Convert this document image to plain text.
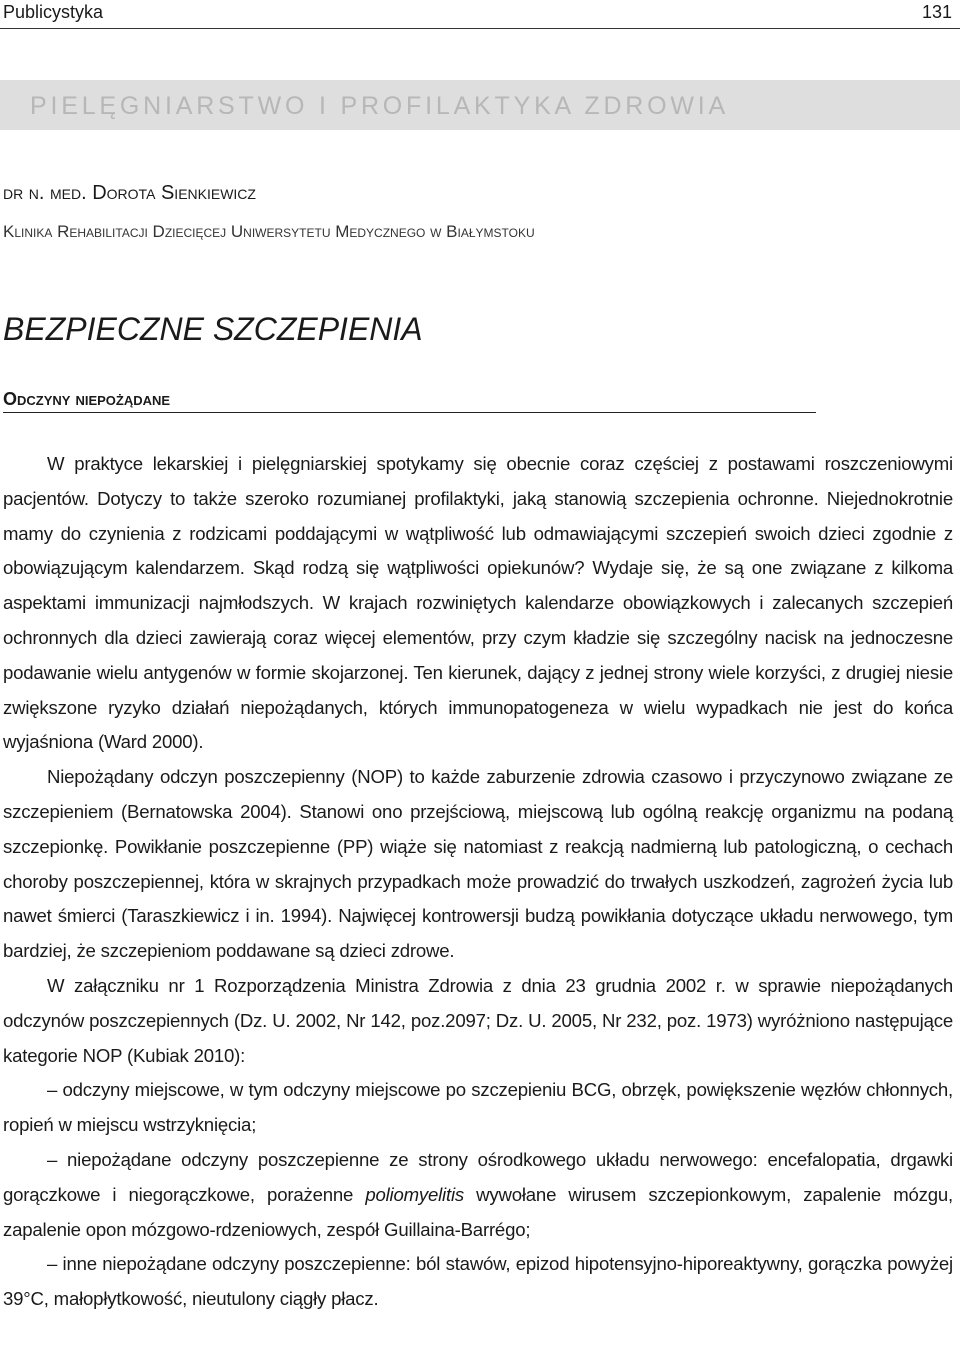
Publicystyka	131
PIELĘGNIARSTWO I PROFILAKTYKA ZDROWIA
dr n. med. Dorota Sienkiewicz
Klinika Rehabilitacji Dziecięcej Uniwersytetu Medycznego w Białymstoku
BEZPIECZNE SZCZEPIENIA
Odczyny niepożądane

W praktyce lekarskiej i pielęgniarskiej spotykamy się obecnie coraz częściej z postawami roszczeniowymi pacjentów. Dotyczy to także szeroko rozumianej profilaktyki, jaką stanowią szczepienia ochronne. Niejednokrotnie mamy do czynienia z rodzicami poddającymi w wątpliwość lub odmawiającymi szczepień swoich dzieci zgodnie z obowiązującym kalendarzem. Skąd rodzą się wątpliwości opiekunów? Wydaje się, że są one związane z kilkoma aspektami immunizacji najmłodszych. W krajach rozwiniętych kalendarze obowiązkowych i zalecanych szczepień ochronnych dla dzieci zawierają coraz więcej elementów, przy czym kładzie się szczególny nacisk na jednoczesne podawanie wielu antygenów w formie skojarzonej. Ten kierunek, dający z jednej strony wiele korzyści, z drugiej niesie zwiększone ryzyko działań niepożądanych, których immunopatogeneza w wielu wypadkach nie jest do końca wyjaśniona (Ward 2000).

Niepożądany odczyn poszczepienny (NOP) to każde zaburzenie zdrowia czasowo i przyczynowo związane ze szczepieniem (Bernatowska 2004). Stanowi ono przejściową, miejscową lub ogólną reakcję organizmu na podaną szczepionkę. Powikłanie poszczepienne (PP) wiąże się natomiast z reakcją nadmierną lub patologiczną, o cechach choroby poszczepiennej, która w skrajnych przypadkach może prowadzić do trwałych uszkodzeń, zagrożeń życia lub nawet śmierci (Taraszkiewicz i in. 1994). Najwięcej kontrowersji budzą powikłania dotyczące układu nerwowego, tym bardziej, że szczepieniom poddawane są dzieci zdrowe.

W załączniku nr 1 Rozporządzenia Ministra Zdrowia z dnia 23 grudnia 2002 r. w sprawie niepożądanych odczynów poszczepiennych (Dz. U. 2002, Nr 142, poz.2097; Dz. U. 2005, Nr 232, poz. 1973) wyróżniono następujące kategorie NOP (Kubiak 2010):

– odczyny miejscowe, w tym odczyny miejscowe po szczepieniu BCG, obrzęk, powiększenie węzłów chłonnych, ropień w miejscu wstrzyknięcia;

– niepożądane odczyny poszczepienne ze strony ośrodkowego układu nerwowego: encefalopatia, drgawki gorączkowe i niegorączkowe, porażenne poliomyelitis wywołane wirusem szczepionkowym, zapalenie mózgu, zapalenie opon mózgowo-rdzeniowych, zespół Guillaina-Barrégo;

– inne niepożądane odczyny poszczepienne: ból stawów, epizod hipotensyjno-hiporeaktywny, gorączka powyżej 39°C, małopłytkowość, nieutulony ciągły płacz.
